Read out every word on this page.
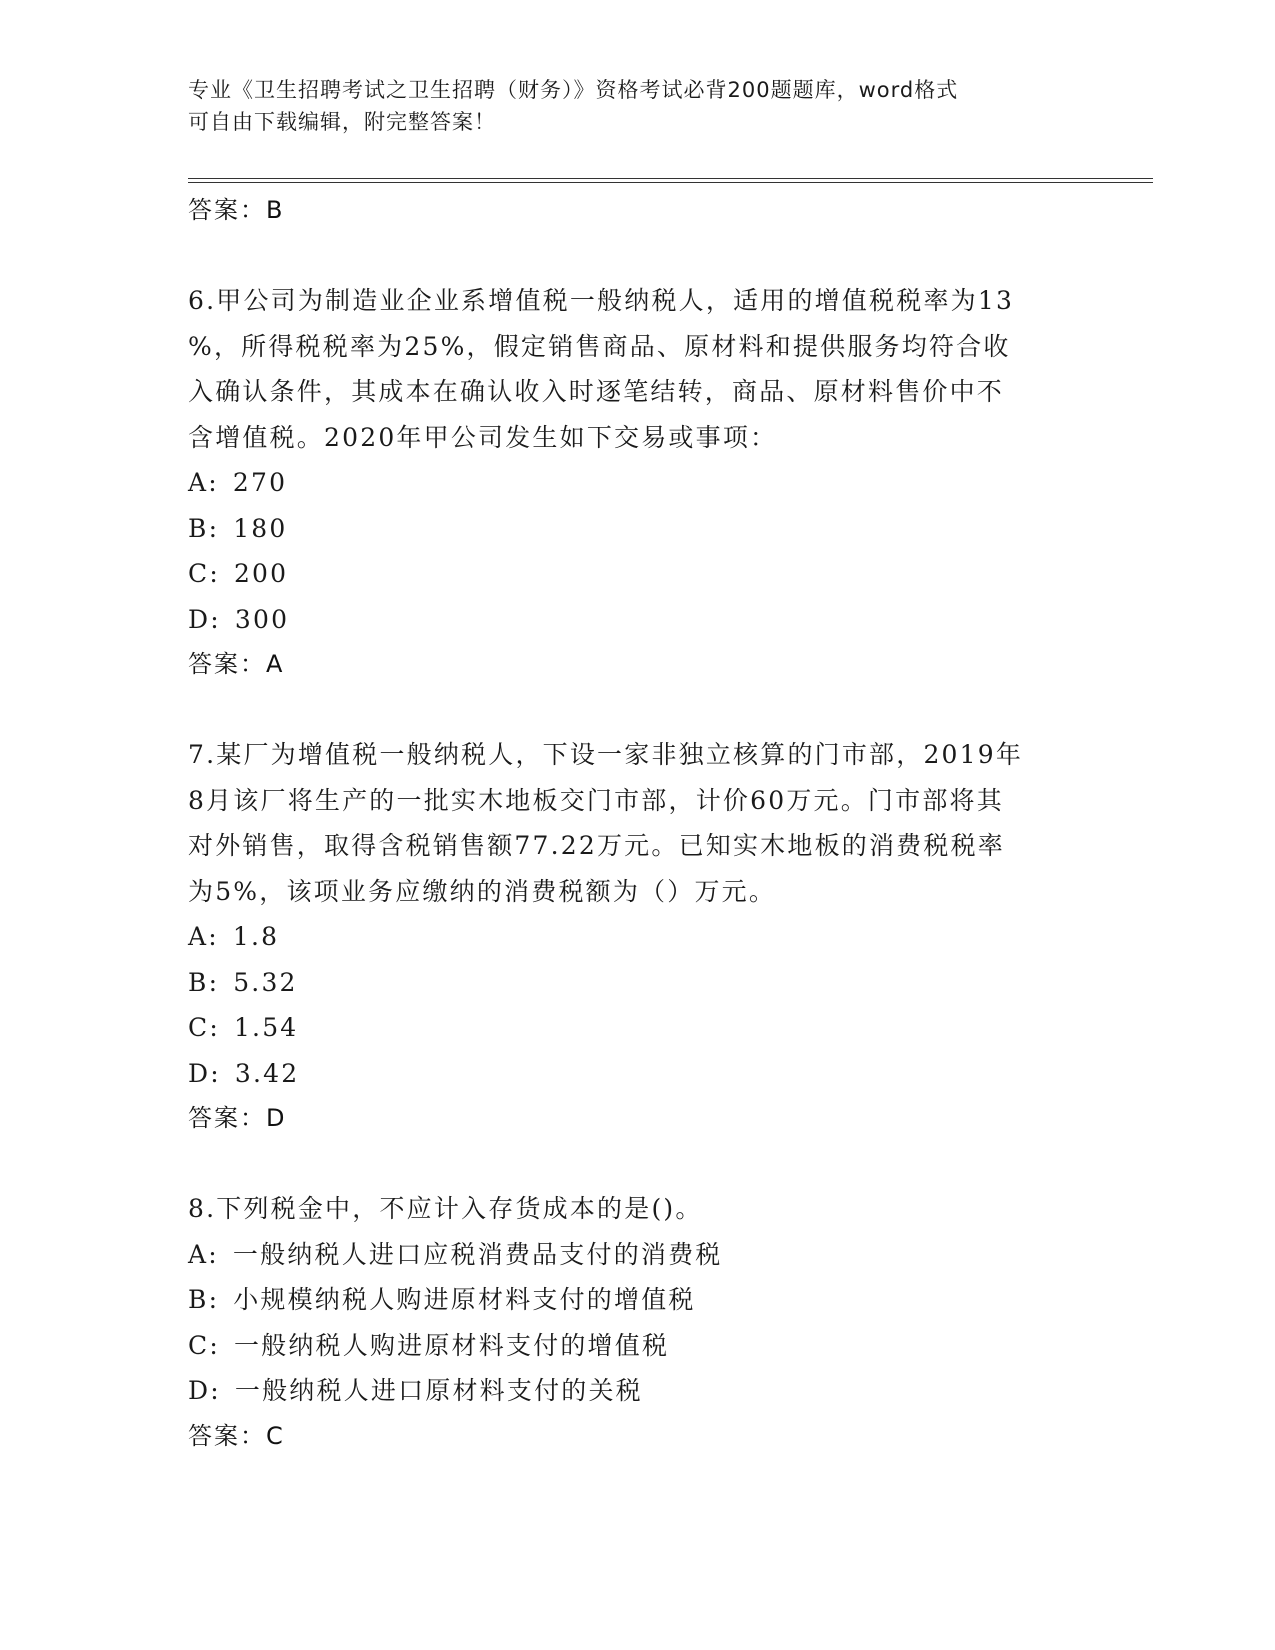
专业《卫生招聘考试之卫生招聘（财务）》资格考试必背200题题库，word格式
可自由下载编辑，附完整答案！
答案：B
6.甲公司为制造业企业系增值税一般纳税人，适用的增值税税率为13
%，所得税税率为25%，假定销售商品、原材料和提供服务均符合收
入确认条件，其成本在确认收入时逐笔结转，商品、原材料售价中不
含增值税。2020年甲公司发生如下交易或事项：
A: 270
B: 180
C: 200
D: 300
答案：A
7.某厂为增值税一般纳税人，下设一家非独立核算的门市部，2019年
8月该厂将生产的一批实木地板交门市部，计价60万元。门市部将其
对外销售，取得含税销售额77.22万元。已知实木地板的消费税税率
为5%，该项业务应缴纳的消费税额为（）万元。
A: 1.8
B: 5.32
C: 1.54
D: 3.42
答案：D
8.下列税金中，不应计入存货成本的是()。
A: 一般纳税人进口应税消费品支付的消费税
B: 小规模纳税人购进原材料支付的增值税
C: 一般纳税人购进原材料支付的增值税
D: 一般纳税人进口原材料支付的关税
答案：C
